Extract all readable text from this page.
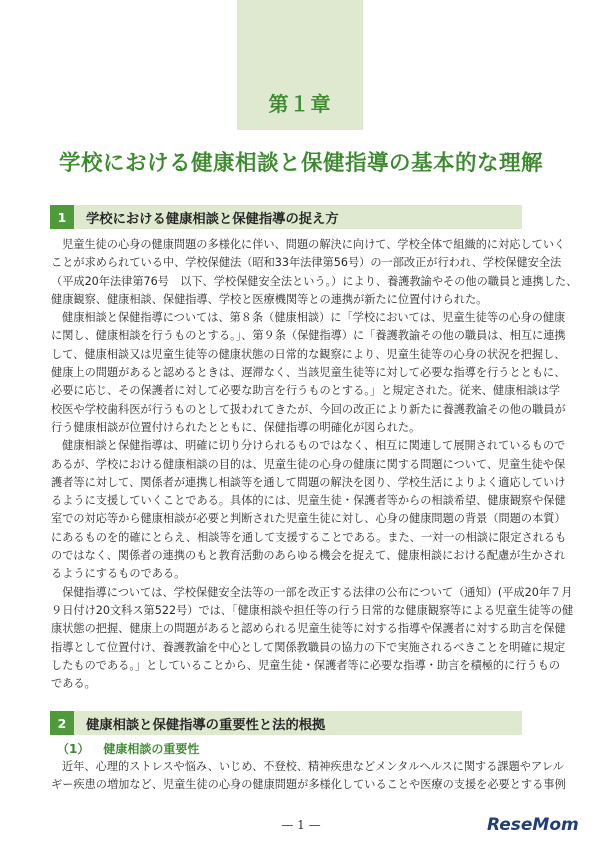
第１章
学校における健康相談と保健指導の基本的な理解
1	学校における健康相談と保健指導の捉え方
児童生徒の心身の健康問題の多様化に伴い、問題の解決に向けて、学校全体で組織的に対応していく
ことが求められている中、学校保健法（昭和33年法律第56号）の一部改正が行われ、学校保健安全法
（平成20年法律第76号　以下、学校保健安全法という。）により、養護教諭やその他の職員と連携した、
健康観察、健康相談、保健指導、学校と医療機関等との連携が新たに位置付けられた。
健康相談と保健指導については、第８条（健康相談）に「学校においては、児童生徒等の心身の健康
に関し、健康相談を行うものとする。」、第９条（保健指導）に「養護教諭その他の職員は、相互に連携
して、健康相談又は児童生徒等の健康状態の日常的な観察により、児童生徒等の心身の状況を把握し、
健康上の問題があると認めるときは、遅滞なく、当該児童生徒等に対して必要な指導を行うとともに、
必要に応じ、その保護者に対して必要な助言を行うものとする。」と規定された。従来、健康相談は学
校医や学校歯科医が行うものとして扱われてきたが、今回の改正により新たに養護教諭その他の職員が
行う健康相談が位置付けられたとともに、保健指導の明確化が図られた。
健康相談と保健指導は、明確に切り分けられるものではなく、相互に関連して展開されているもので
あるが、学校における健康相談の目的は、児童生徒の心身の健康に関する問題について、児童生徒や保
護者等に対して、関係者が連携し相談等を通して問題の解決を図り、学校生活によりよく適応していけ
るように支援していくことである。具体的には、児童生徒・保護者等からの相談希望、健康観察や保健
室での対応等から健康相談が必要と判断された児童生徒に対し、心身の健康問題の背景（問題の本質）
にあるものを的確にとらえ、相談等を通して支援することである。また、一対一の相談に限定されるも
のではなく、関係者の連携のもと教育活動のあらゆる機会を捉えて、健康相談における配慮が生かされ
るようにするものである。
保健指導については、学校保健安全法等の一部を改正する法律の公布について（通知）(平成20年７月
９日付け20文科ス第522号）では、「健康相談や担任等の行う日常的な健康観察等による児童生徒等の健
康状態の把握、健康上の問題があると認められる児童生徒等に対する指導や保護者に対する助言を保健
指導として位置付け、養護教諭を中心として関係教職員の協力の下で実施されるべきことを明確に規定
したものである。」としていることから、児童生徒・保護者等に必要な指導・助言を積極的に行うもの
である。
2	健康相談と保健指導の重要性と法的根拠
（1） 健康相談の重要性
近年、心理的ストレスや悩み、いじめ、不登校、精神疾患などメンタルヘルスに関する課題やアレル
ギー疾患の増加など、児童生徒の心身の健康問題が多様化していることや医療の支援を必要とする事例
— 1 —	ReseMom
